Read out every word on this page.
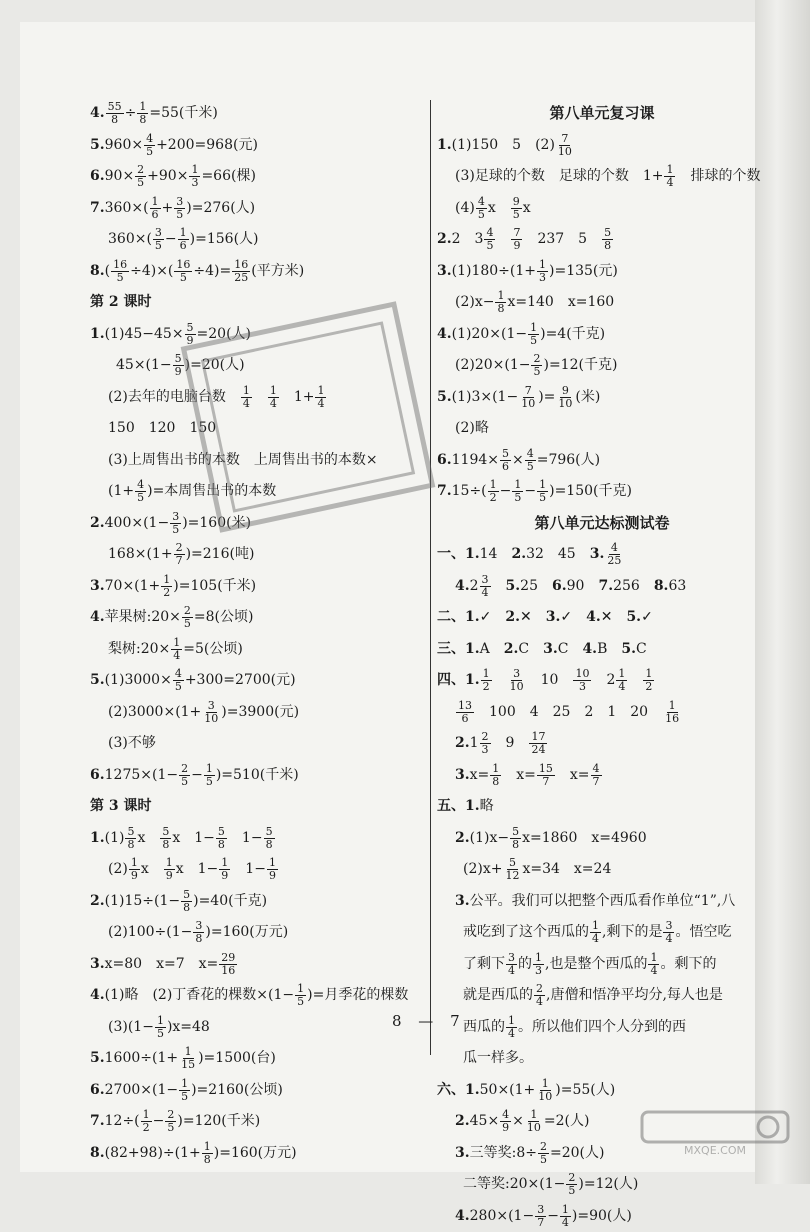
4. $\frac{55}{8} \div \frac{1}{8} =55$(千米)
5. $960\times \frac{4}{5} +200=968$(元)
6. $90\times \frac{2}{5} +90\times \frac{1}{3} =66$(棵)
7. $360\times( \frac{1}{6} + \frac{3}{5} )=276$(人)
$360\times( \frac{3}{5} - \frac{1}{6} )=156$(人)
8. ( $\frac{16}{5} \div 4)\times( \frac{16}{5} \div 4)= \frac{16}{25}$ (平方米)
第 2 课时
1. $(1)45-45\times \frac{5}{9} =20$(人)
$45\times(1- \frac{5}{9} )=20$(人)
(2)去年的电脑台数　 $\frac{1}{4}$
　 $\frac{1}{4}$ 　$1+ \frac{1}{4}$
150　120　150
(3)上周售出书的本数　上周售出书的本数×
($1+ \frac{4}{5}$ )=本周售出书的本数
2. $400\times(1- \frac{3}{5} )=160$(米)
$168\times(1+ \frac{2}{7} )=216$(吨)
3. $70\times(1+ \frac{1}{2} )=105$(千米)
4. 苹果树:20× $\frac{2}{5} =8$(公顷)
梨树:20× $\frac{1}{4} =5$(公顷)
5. $(1)3000\times \frac{4}{5} +300=2700$(元)
$(2)3000\times(1+ \frac{3}{10} )=3900$(元)
(3)不够
6. $1275\times(1- \frac{2}{5} - \frac{1}{5} )=510$(千米)
第 3 课时
1. $(1) \frac{5}{8}$ x　 $\frac{5}{8}$ x　$1- \frac{5}{8}$ 　$1- \frac{5}{8}$
$(2) \frac{1}{9}$ x　 $\frac{1}{9}$ x　$1- \frac{1}{9}$ 　$1- \frac{1}{9}$
2. $(1)15\div(1- \frac{5}{8} )=40$(千克)
$(2)100\div(1- \frac{3}{8} )=160$(万元)
3. x=80　x=7　$x= \frac{29}{16}$
4. (1)略　(2)丁香花的棵数$\times(1- \frac{1}{5}$ )=月季花的棵数
$(3)(1- \frac{1}{5} )x=48$
5. $1600\div(1+ \frac{1}{15} )=1500$(台)
6. $2700\times(1- \frac{1}{5} )=2160$(公顷)
7. $12\div( \frac{1}{2} - \frac{2}{5} )=120$(千米)
8. $(82+98)\div(1+ \frac{1}{8} )=160$(万元)
第八单元复习课
1. (1)150　5　$(2) \frac{7}{10}$
(3)足球的个数　足球的个数　$1+ \frac{1}{4}$ 　排球的个数
$(4) \frac{4}{5}$ x　 $\frac{9}{5}$ x
2. 2　$3 \frac{4}{5}$
　 $\frac{7}{9}$ 　237　5　 $\frac{5}{8}$
3. $(1)180\div(1+ \frac{1}{3} )=135$(元)
$(2)x- \frac{1}{8} x=140$　x=160
4. $(1)20\times(1- \frac{1}{5} )=4$(千克)
$(2)20\times(1- \frac{2}{5} )=12$(千克)
5. $(1)3\times(1- \frac{7}{10}$ )= $\frac{9}{10}$ (米)
(2)略
6. $1194\times \frac{5}{6} \times \frac{4}{5} =796$(人)
7. $15\div( \frac{1}{2} - \frac{1}{5} - \frac{1}{5} )=150$(千克)
第八单元达标测试卷
一、1. 14　 2. 32　45　 3. $\frac{4}{25}$
4. $2 \frac{3}{4}$
　 5. 25　 6. 90　 7. 256　 8. 63
二、1. ✓　 2. ✕　 3. ✓　 4. ✕　 5. ✓
三、1. A　 2. C　 3. C　 4. B　 5. C
四、1. $\frac{1}{2}$
　 $\frac{3}{10}$ 　10　 $\frac{10}{3}$ 　$2 \frac{1}{4}$
　 $\frac{1}{2}$
$\frac{13}{6}$ 　100　4　25　2　1　20　 $\frac{1}{16}$
2. $1 \frac{2}{3}$ 　9　 $\frac{17}{24}$
3. $x= \frac{1}{8}$ 　$x= \frac{15}{7}$ 　$x= \frac{4}{7}$
五、1. 略
2. $(1)x- \frac{5}{8} x=1860$　x=4960
$(2)x+ \frac{5}{12} x=34$　x=24
3. 公平。我们可以把整个西瓜看作单位“1”,八
戒吃到了这个西瓜的 $\frac{1}{4}$ ,剩下的是 $\frac{3}{4}$ 。悟空吃
了剩下 $\frac{3}{4}$ 的 $\frac{1}{3}$ ,也是整个西瓜的 $\frac{1}{4}$ 。剩下的
就是西瓜的 $\frac{2}{4}$ ,唐僧和悟净平均分,每人也是
西瓜的 $\frac{1}{4}$ 。所以他们四个人分到的西
瓜一样多。
六、1. $50\times(1+ \frac{1}{10} )=55$(人)
2. $45\times \frac{4}{9} \times \frac{1}{10} =2$(人)
3. 三等奖:8÷ $\frac{2}{5} =20$(人)
二等奖:20×(1− $\frac{2}{5} )=12$(人)
4. $280\times(1- \frac{3}{7} - \frac{1}{4} )=90$(人)
8 — 7
MXQE.COM
